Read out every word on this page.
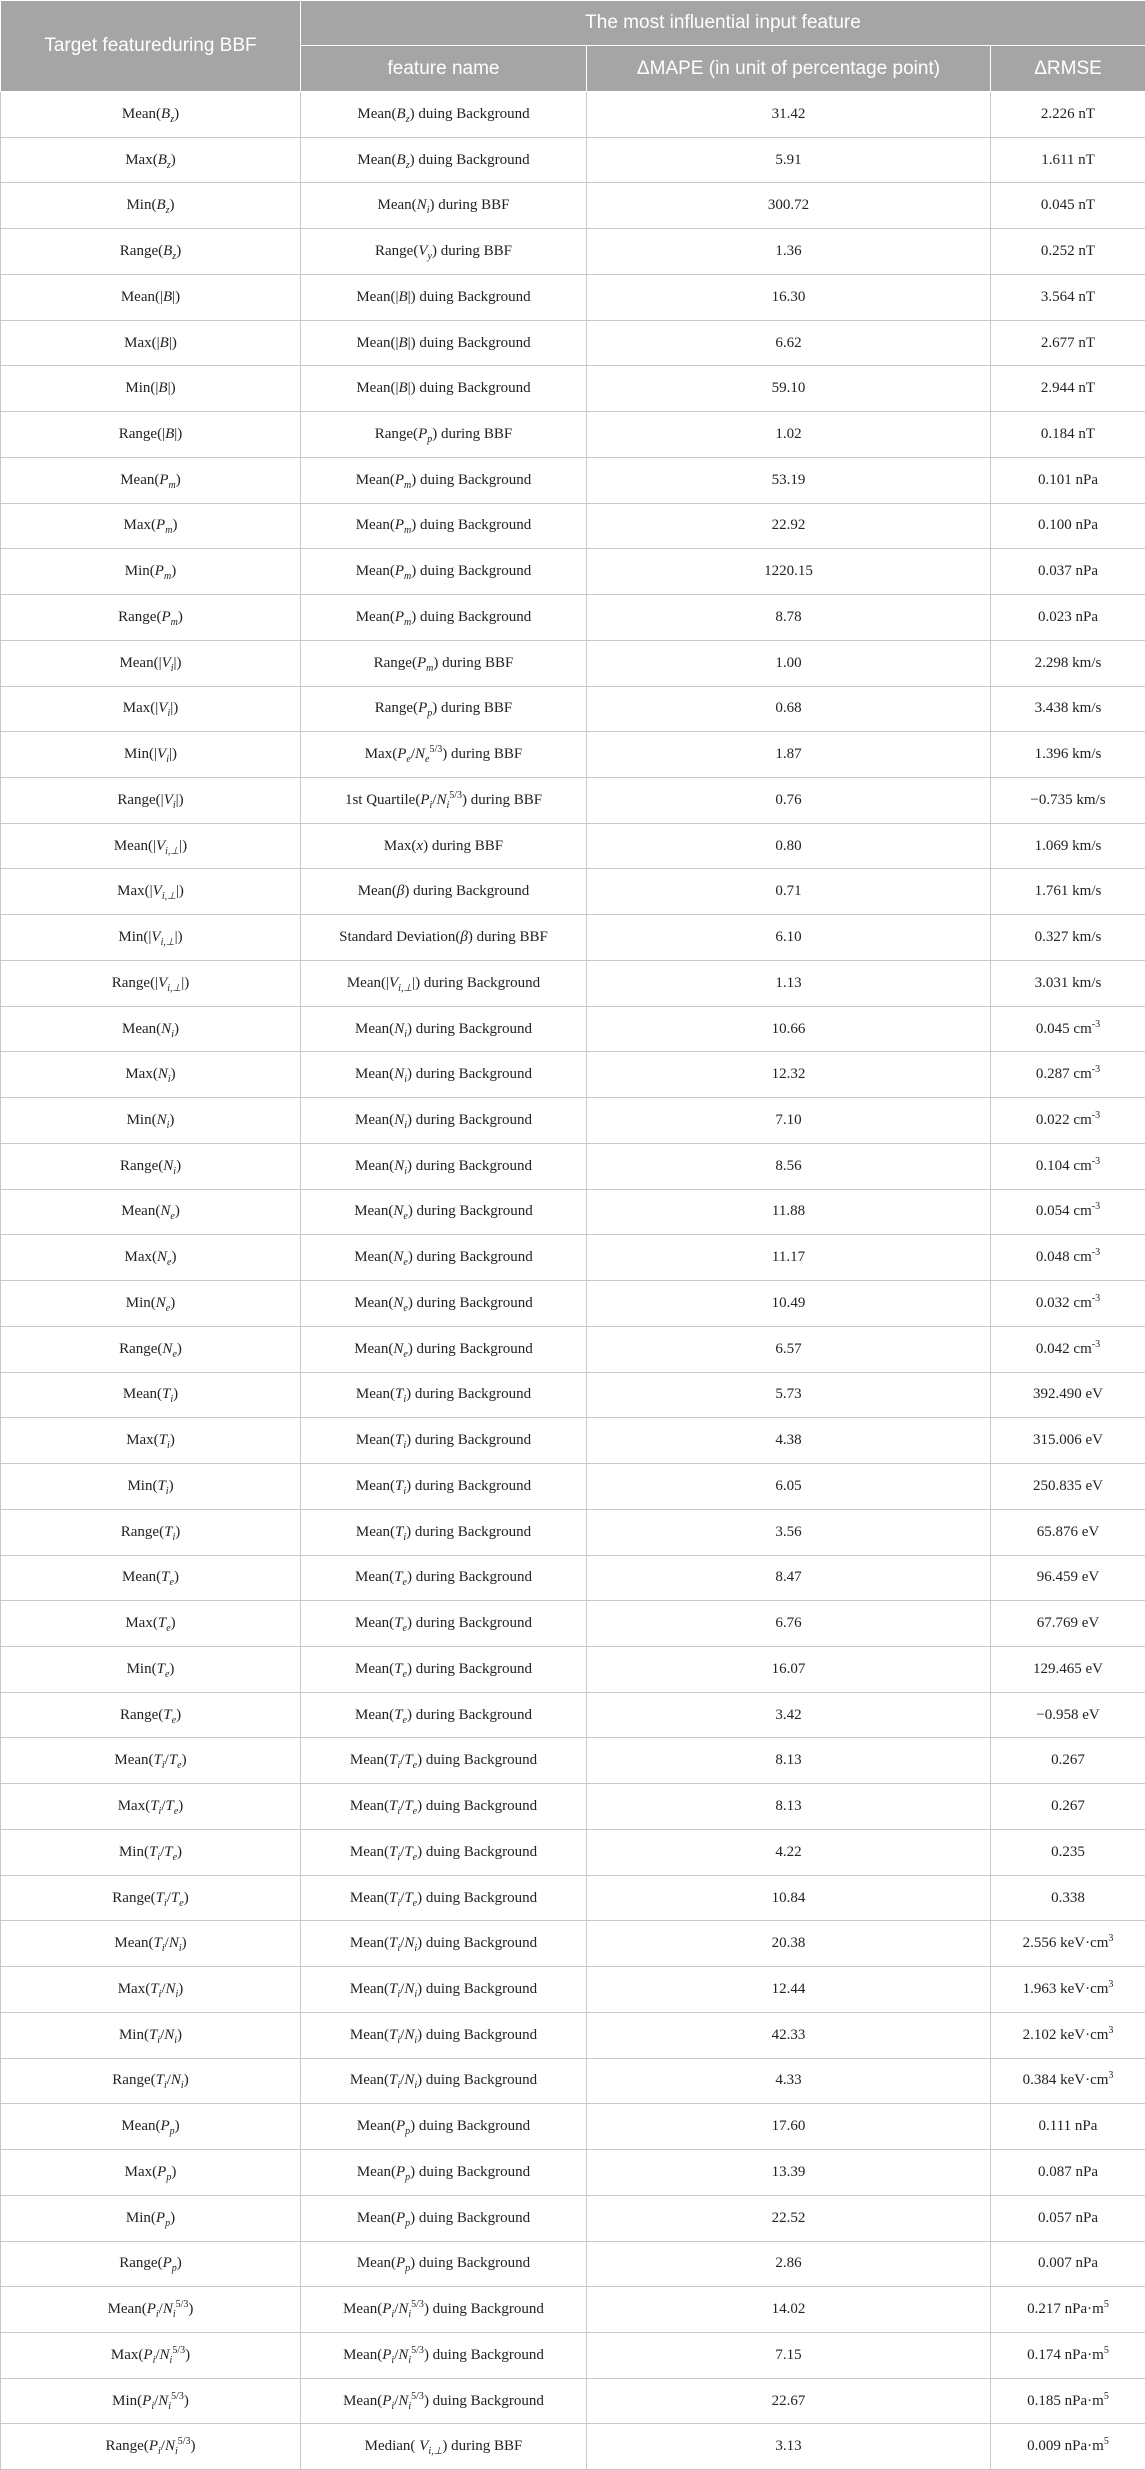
Target featureduring BBF	The most influential input feature		
	feature name	ΔMAPE (in unit of percentage point)	ΔRMSE
$Mean(B_z)$	$Mean(B_z)$ duing Background	31.42	2.226 nT
$Max(B_z)$	$Mean(B_z)$ duing Background	5.91	1.611 nT
$Min(B_z)$	$Mean(N_i)$ during BBF	300.72	0.045 nT
$Range(B_z)$	$Range(V_y)$ during BBF	1.36	0.252 nT
Mean(|B|)	Mean(|B|) duing Background	16.30	3.564 nT
Max(|B|)	Mean(|B|) duing Background	6.62	2.677 nT
Min(|B|)	Mean(|B|) duing Background	59.10	2.944 nT
Range(|B|)	$Range(P_p)$ during BBF	1.02	0.184 nT
$Mean(P_m)$	$Mean(P_m)$ duing Background	53.19	0.101 nPa
$Max(P_m)$	$Mean(P_m)$ duing Background	22.92	0.100 nPa
$Min(P_m)$	$Mean(P_m)$ duing Background	1220.15	0.037 nPa
$Range(P_m)$	$Mean(P_m)$ duing Background	8.78	0.023 nPa
$Mean(|V_i|)$	$Range(P_m)$ during BBF	1.00	2.298 km/s
$Max(|V_i|)$	$Range(P_p)$ during BBF	0.68	3.438 km/s
$Min(|V_i|)$	$Max(P_e/N_e^{5/3})$ during BBF	1.87	1.396 km/s
$Range(|V_i|)$	1st $Quartile(P_i/N_i^{5/3})$ during BBF	0.76	−0.735 km/s
$Mean(|V_{i,\perp}|)$	Max(x) during BBF	0.80	1.069 km/s
$Max(|V_{i,\perp}|)$	Mean(β) during Background	0.71	1.761 km/s
$Min(|V_{i,\perp}|)$	Standard Deviation(β) during BBF	6.10	0.327 km/s
$Range(|V_{i,\perp}|)$	$Mean(|V_{i,\perp}|)$ during Background	1.13	3.031 km/s
$Mean(N_i)$	$Mean(N_i)$ during Background	10.66	0.045 $cm^{-3}$
$Max(N_i)$	$Mean(N_i)$ during Background	12.32	0.287 $cm^{-3}$
$Min(N_i)$	$Mean(N_i)$ during Background	7.10	0.022 $cm^{-3}$
$Range(N_i)$	$Mean(N_i)$ during Background	8.56	0.104 $cm^{-3}$
$Mean(N_e)$	$Mean(N_e)$ during Background	11.88	0.054 $cm^{-3}$
$Max(N_e)$	$Mean(N_e)$ during Background	11.17	0.048 $cm^{-3}$
$Min(N_e)$	$Mean(N_e)$ during Background	10.49	0.032 $cm^{-3}$
$Range(N_e)$	$Mean(N_e)$ during Background	6.57	0.042 $cm^{-3}$
$Mean(T_i)$	$Mean(T_i)$ during Background	5.73	392.490 eV
$Max(T_i)$	$Mean(T_i)$ during Background	4.38	315.006 eV
$Min(T_i)$	$Mean(T_i)$ during Background	6.05	250.835 eV
$Range(T_i)$	$Mean(T_i)$ during Background	3.56	65.876 eV
$Mean(T_e)$	$Mean(T_e)$ during Background	8.47	96.459 eV
$Max(T_e)$	$Mean(T_e)$ during Background	6.76	67.769 eV
$Min(T_e)$	$Mean(T_e)$ during Background	16.07	129.465 eV
$Range(T_e)$	$Mean(T_e)$ during Background	3.42	−0.958 eV
$Mean(T_i/T_e)$	$Mean(T_i/T_e)$ duing Background	8.13	0.267
$Max(T_i/T_e)$	$Mean(T_i/T_e)$ duing Background	8.13	0.267
$Min(T_i/T_e)$	$Mean(T_i/T_e)$ duing Background	4.22	0.235
$Range(T_i/T_e)$	$Mean(T_i/T_e)$ duing Background	10.84	0.338
$Mean(T_i/N_i)$	$Mean(T_i/N_i)$ duing Background	20.38	2.556 $keV\cdot cm^3$
$Max(T_i/N_i)$	$Mean(T_i/N_i)$ duing Background	12.44	1.963 $keV\cdot cm^3$
$Min(T_i/N_i)$	$Mean(T_i/N_i)$ duing Background	42.33	2.102 $keV\cdot cm^3$
$Range(T_i/N_i)$	$Mean(T_i/N_i)$ duing Background	4.33	0.384 $keV\cdot cm^3$
$Mean(P_p)$	$Mean(P_p)$ duing Background	17.60	0.111 nPa
$Max(P_p)$	$Mean(P_p)$ duing Background	13.39	0.087 nPa
$Min(P_p)$	$Mean(P_p)$ duing Background	22.52	0.057 nPa
$Range(P_p)$	$Mean(P_p)$ duing Background	2.86	0.007 nPa
$Mean(P_i/N_i^{5/3})$	$Mean(P_i/N_i^{5/3})$ duing Background	14.02	0.217 $nPa\cdot m^5$
$Max(P_i/N_i^{5/3})$	$Mean(P_i/N_i^{5/3})$ duing Background	7.15	0.174 $nPa\cdot m^5$
$Min(P_i/N_i^{5/3})$	$Mean(P_i/N_i^{5/3})$ duing Background	22.67	0.185 $nPa\cdot m^5$
$Range(P_i/N_i^{5/3})$	Median( $V_{i,\perp}$) during BBF	3.13	0.009 $nPa\cdot m^5$
